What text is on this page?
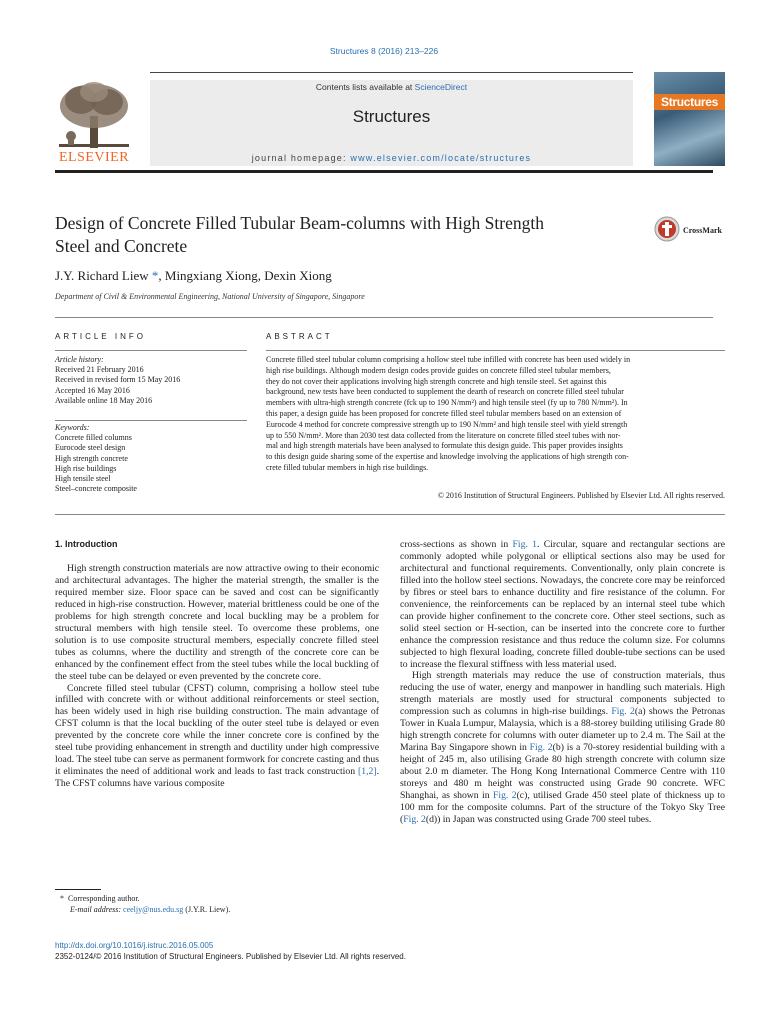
Structures 8 (2016) 213–226
Contents lists available at ScienceDirect
Structures
journal homepage: www.elsevier.com/locate/structures
ELSEVIER
Structures
Design of Concrete Filled Tubular Beam-columns with High Strength
Steel and Concrete
CrossMark
J.Y. Richard Liew *, Mingxiang Xiong, Dexin Xiong
Department of Civil & Environmental Engineering, National University of Singapore, Singapore
ARTICLE INFO
Article history:
Received 21 February 2016
Received in revised form 15 May 2016
Accepted 16 May 2016
Available online 18 May 2016
Keywords:
Concrete filled columns
Eurocode steel design
High strength concrete
High rise buildings
High tensile steel
Steel–concrete composite
ABSTRACT
Concrete filled steel tubular column comprising a hollow steel tube infilled with concrete has been used widely in
high rise buildings. Although modern design codes provide guides on concrete filled steel tubular members,
they do not cover their applications involving high strength concrete and high tensile steel. Set against this
background, new tests have been conducted to supplement the dearth of research on concrete filled steel tubular
members with ultra-high strength concrete (fck up to 190 N/mm²) and high tensile steel (fy up to 780 N/mm²). In
this paper, a design guide has been proposed for concrete filled steel tubular members based on an extension of
Eurocode 4 method for concrete compressive strength up to 190 N/mm² and high tensile steel with yield strength
up to 550 N/mm². More than 2030 test data collected from the literature on concrete filled steel tubes with nor-
mal and high strength materials have been analysed to formulate this design guide. This paper provides insights
to this design guide sharing some of the expertise and knowledge involving the applications of high strength con-
crete filled tubular members in high rise buildings.
© 2016 Institution of Structural Engineers. Published by Elsevier Ltd. All rights reserved.
1. Introduction

High strength construction materials are now attractive owing to their economic and architectural advantages. The higher the material strength, the smaller is the required member size. Floor space can be saved and cost can be significantly reduced in high-rise construction. However, material brittleness could be one of the problems for high strength concrete and local buckling may be a problem for structural members with high tensile steel. To overcome these problems, one solution is to use composite structural members, especially concrete filled steel tubes as columns, where the ductility and strength of the concrete core can be enhanced by the confinement effect from the steel tubes while the local buckling of the steel tube can be delayed or even prevented by the concrete core.

Concrete filled steel tubular (CFST) column, comprising a hollow steel tube infilled with concrete with or without additional reinforcements or steel section, has been widely used in high rise building construction. The main advantage of CFST column is that the local buckling of the outer steel tube is delayed or even prevented by the concrete core while the inner concrete core is confined by the steel tube providing enhancement in strength and ductility under high compressive load. The steel tube can serve as permanent formwork for concrete casting and thus it eliminates the need of additional work and leads to fast track construction [1,2]. The CFST columns have various composite

cross-sections as shown in Fig. 1. Circular, square and rectangular sections are commonly adopted while polygonal or elliptical sections also may be used for architectural and functional requirements. Conventionally, only plain concrete is filled into the hollow steel sections. Nowadays, the concrete core may be reinforced by fibres or steel bars to enhance ductility and fire resistance of the column. For convenience, the reinforcements can be replaced by an internal steel tube which can provide higher confinement to the concrete core. Other steel sections, such as solid steel section or H-section, can be inserted into the concrete core to further enhance the compression resistance and thus reduce the column size. For columns subjected to high flexural loading, concrete filled double-tube sections can be used to increase the flexural stiffness with less material used.

High strength materials may reduce the use of construction materials, thus reducing the use of water, energy and manpower in handling such materials. High strength materials are mostly used for structural components subjected to compression such as columns in high-rise buildings. Fig. 2(a) shows the Petronas Tower in Kuala Lumpur, Malaysia, which is a 88-storey building utilising Grade 80 high strength concrete for columns with outer diameter up to 2.4 m. The Sail at the Marina Bay Singapore shown in Fig. 2(b) is a 70-storey residential building with a height of 245 m, also utilising Grade 80 high strength concrete with column size about 2.0 m diameter. The Hong Kong International Commerce Centre with 110 storeys and 480 m height was constructed using Grade 90 concrete. WFC Shanghai, as shown in Fig. 2(c), utilised Grade 450 steel plate of thickness up to 100 mm for the composite columns. Part of the structure of the Tokyo Sky Tree (Fig. 2(d)) in Japan was constructed using Grade 700 steel tubes.

*  Corresponding author.
E-mail address: ceeljy@nus.edu.sg (J.Y.R. Liew).
http://dx.doi.org/10.1016/j.istruc.2016.05.005
2352-0124/© 2016 Institution of Structural Engineers. Published by Elsevier Ltd. All rights reserved.
